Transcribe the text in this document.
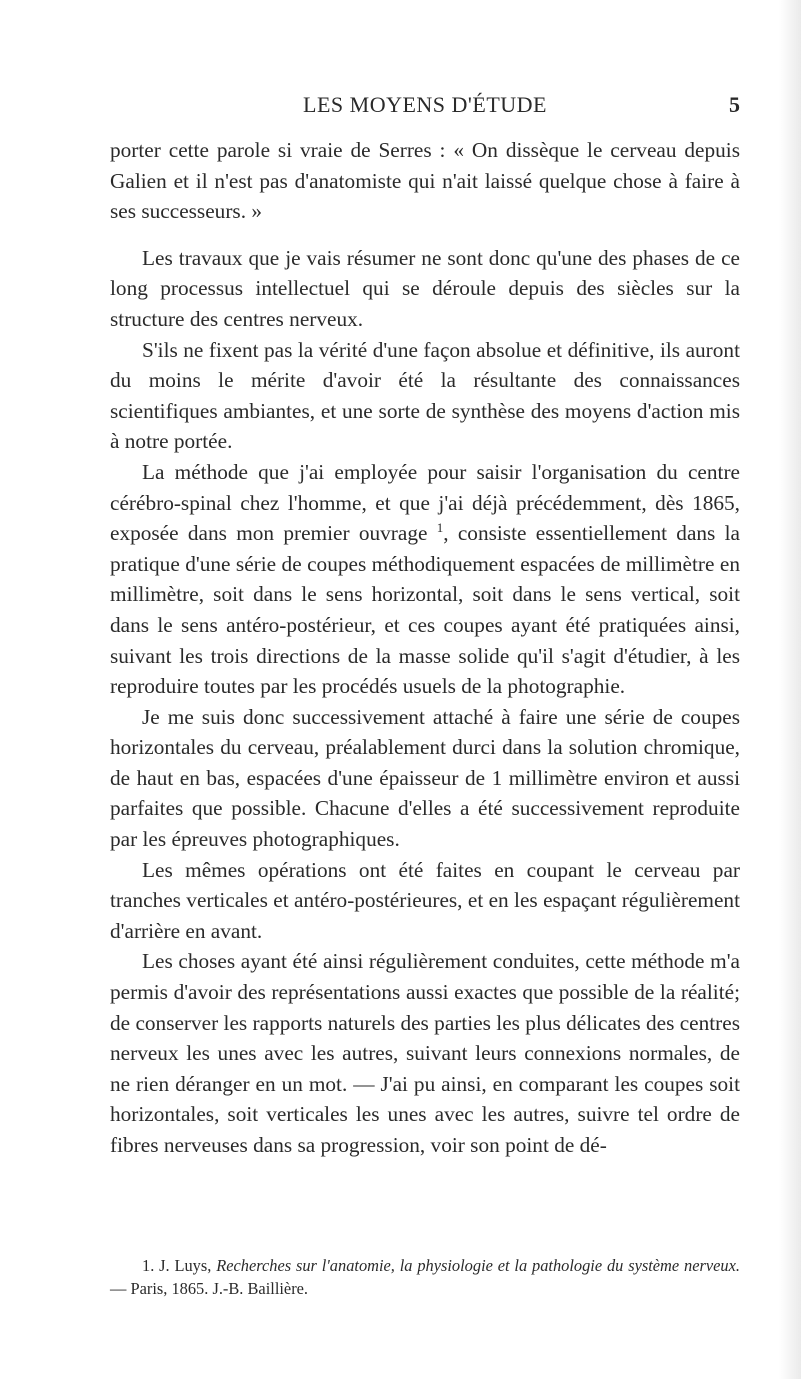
LES MOYENS D'ÉTUDE	5

porter cette parole si vraie de Serres : « On dissèque le cerveau depuis Galien et il n'est pas d'anatomiste qui n'ait laissé quelque chose à faire à ses successeurs. »

Les travaux que je vais résumer ne sont donc qu'une des phases de ce long processus intellectuel qui se déroule depuis des siècles sur la structure des centres nerveux.

S'ils ne fixent pas la vérité d'une façon absolue et définitive, ils auront du moins le mérite d'avoir été la résultante des connaissances scientifiques ambiantes, et une sorte de synthèse des moyens d'action mis à notre portée.

La méthode que j'ai employée pour saisir l'organisation du centre cérébro-spinal chez l'homme, et que j'ai déjà précédemment, dès 1865, exposée dans mon premier ouvrage $^1$, consiste essentiellement dans la pratique d'une série de coupes méthodiquement espacées de millimètre en millimètre, soit dans le sens horizontal, soit dans le sens vertical, soit dans le sens antéro-postérieur, et ces coupes ayant été pratiquées ainsi, suivant les trois directions de la masse solide qu'il s'agit d'étudier, à les reproduire toutes par les procédés usuels de la photographie.

Je me suis donc successivement attaché à faire une série de coupes horizontales du cerveau, préalablement durci dans la solution chromique, de haut en bas, espacées d'une épaisseur de 1 millimètre environ et aussi parfaites que possible. Chacune d'elles a été successivement reproduite par les épreuves photographiques.

Les mêmes opérations ont été faites en coupant le cerveau par tranches verticales et antéro-postérieures, et en les espaçant régulièrement d'arrière en avant.

Les choses ayant été ainsi régulièrement conduites, cette méthode m'a permis d'avoir des représentations aussi exactes que possible de la réalité; de conserver les rapports naturels des parties les plus délicates des centres nerveux les unes avec les autres, suivant leurs connexions normales, de ne rien déranger en un mot. — J'ai pu ainsi, en comparant les coupes soit horizontales, soit verticales les unes avec les autres, suivre tel ordre de fibres nerveuses dans sa progression, voir son point de dé-

1. J. Luys, Recherches sur l'anatomie, la physiologie et la pathologie du système nerveux. — Paris, 1865. J.-B. Baillière.
